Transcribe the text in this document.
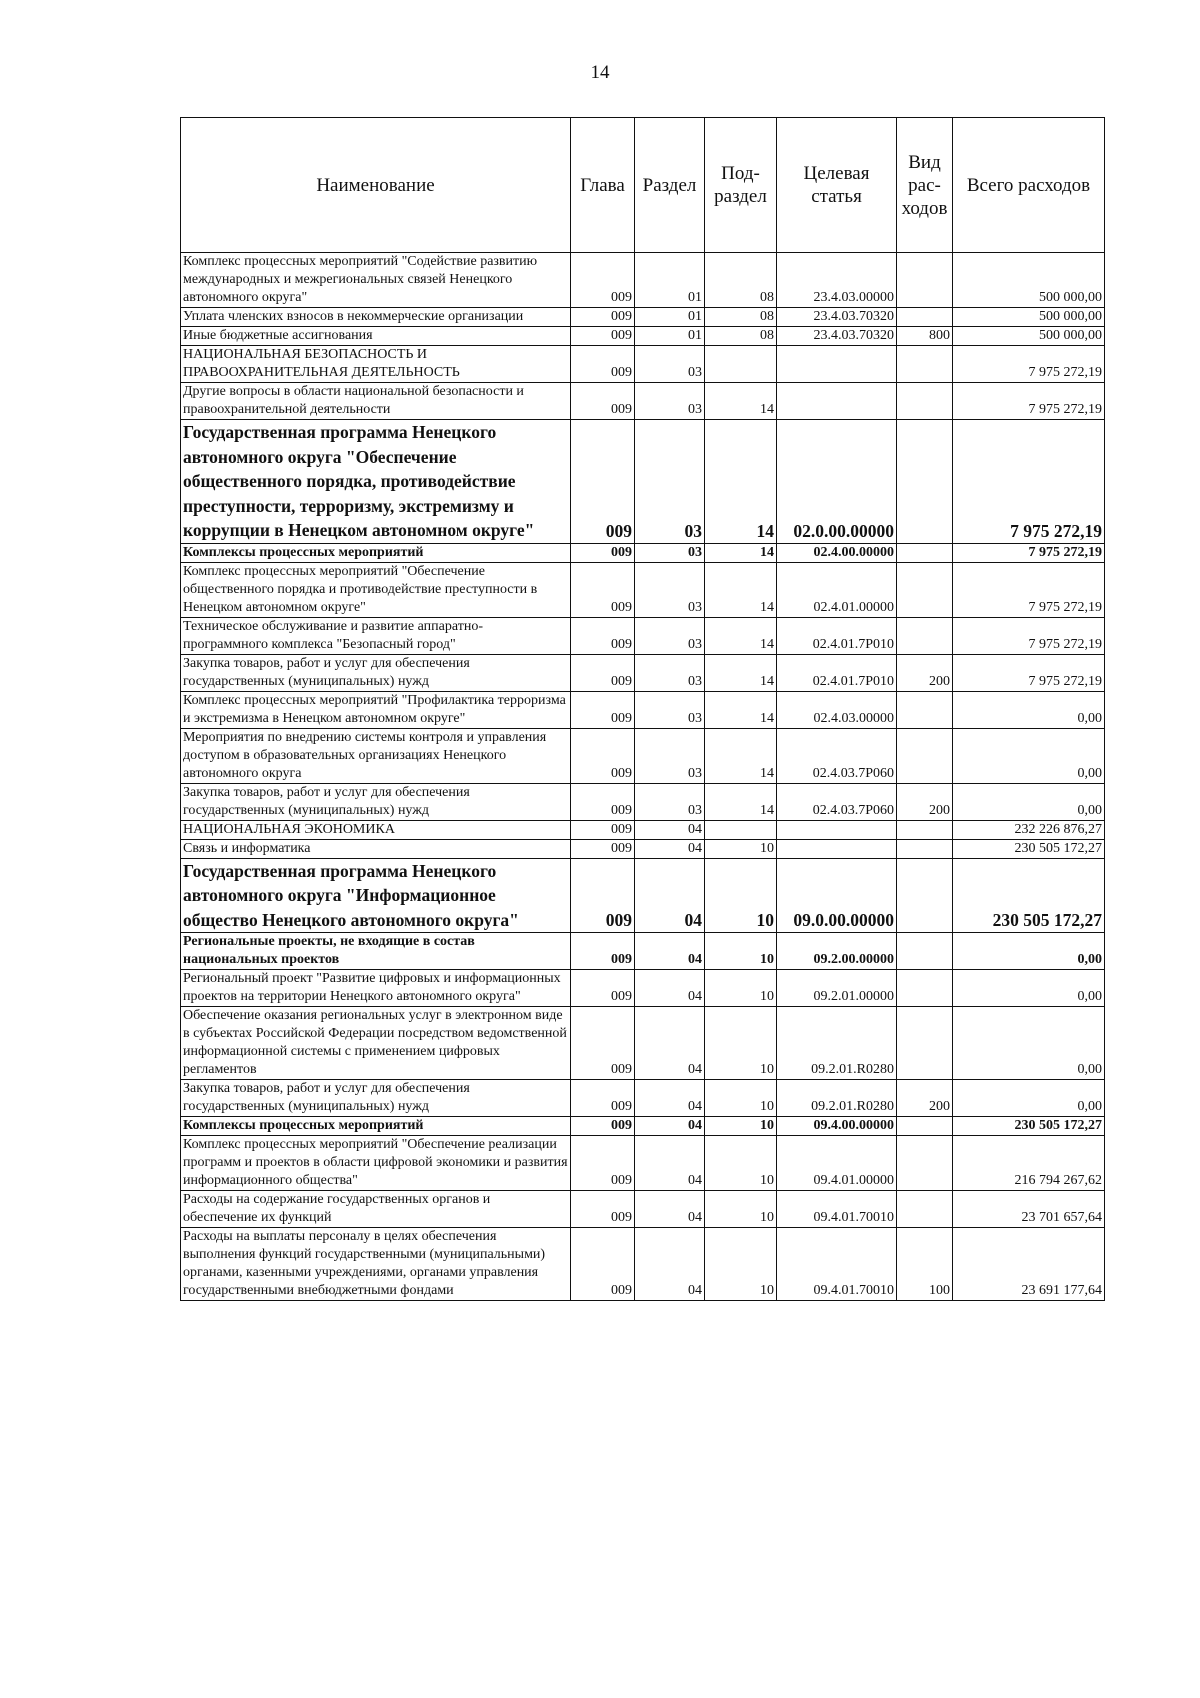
14
Наименование	Глава	Раздел	Под-раздел	Целевая статья	Вид рас-ходов	Всего расходов
Комплекс процессных мероприятий "Содействие развитию международных и межрегиональных связей Ненецкого автономного округа"	009	01	08	23.4.03.00000		500 000,00
Уплата членских взносов в некоммерческие организации	009	01	08	23.4.03.70320		500 000,00
Иные бюджетные ассигнования	009	01	08	23.4.03.70320	800	500 000,00
НАЦИОНАЛЬНАЯ БЕЗОПАСНОСТЬ И ПРАВООХРАНИТЕЛЬНАЯ ДЕЯТЕЛЬНОСТЬ	009	03				7 975 272,19
Другие вопросы в области национальной безопасности и правоохранительной деятельности	009	03	14			7 975 272,19
Государственная программа Ненецкого автономного округа "Обеспечение общественного порядка, противодействие преступности, терроризму, экстремизму и коррупции в Ненецком автономном округе"	009	03	14	02.0.00.00000		7 975 272,19
Комплексы процессных мероприятий	009	03	14	02.4.00.00000		7 975 272,19
Комплекс процессных мероприятий "Обеспечение общественного порядка и противодействие преступности в Ненецком автономном округе"	009	03	14	02.4.01.00000		7 975 272,19
Техническое обслуживание и развитие аппаратно-программного комплекса "Безопасный город"	009	03	14	02.4.01.7Р010		7 975 272,19
Закупка товаров, работ и услуг для обеспечения государственных (муниципальных) нужд	009	03	14	02.4.01.7Р010	200	7 975 272,19
Комплекс процессных мероприятий "Профилактика терроризма и экстремизма в Ненецком автономном округе"	009	03	14	02.4.03.00000		0,00
Мероприятия по внедрению системы контроля и управления доступом в образовательных организациях Ненецкого автономного округа	009	03	14	02.4.03.7Р060		0,00
Закупка товаров, работ и услуг для обеспечения государственных (муниципальных) нужд	009	03	14	02.4.03.7Р060	200	0,00
НАЦИОНАЛЬНАЯ ЭКОНОМИКА	009	04				232 226 876,27
Связь и информатика	009	04	10			230 505 172,27
Государственная программа Ненецкого автономного округа "Информационное общество Ненецкого автономного округа"	009	04	10	09.0.00.00000		230 505 172,27
Региональные проекты, не входящие в состав национальных проектов	009	04	10	09.2.00.00000		0,00
Региональный проект "Развитие цифровых и информационных проектов на территории Ненецкого автономного округа"	009	04	10	09.2.01.00000		0,00
Обеспечение оказания региональных услуг в электронном виде в субъектах Российской Федерации посредством ведомственной информационной системы с применением цифровых регламентов	009	04	10	09.2.01.R0280		0,00
Закупка товаров, работ и услуг для обеспечения государственных (муниципальных) нужд	009	04	10	09.2.01.R0280	200	0,00
Комплексы процессных мероприятий	009	04	10	09.4.00.00000		230 505 172,27
Комплекс процессных мероприятий "Обеспечение реализации программ и проектов в области цифровой экономики и развития информационного общества"	009	04	10	09.4.01.00000		216 794 267,62
Расходы на содержание государственных органов и обеспечение их функций	009	04	10	09.4.01.70010		23 701 657,64
Расходы на выплаты персоналу в целях обеспечения выполнения функций государственными (муниципальными) органами, казенными учреждениями, органами управления государственными внебюджетными фондами	009	04	10	09.4.01.70010	100	23 691 177,64
